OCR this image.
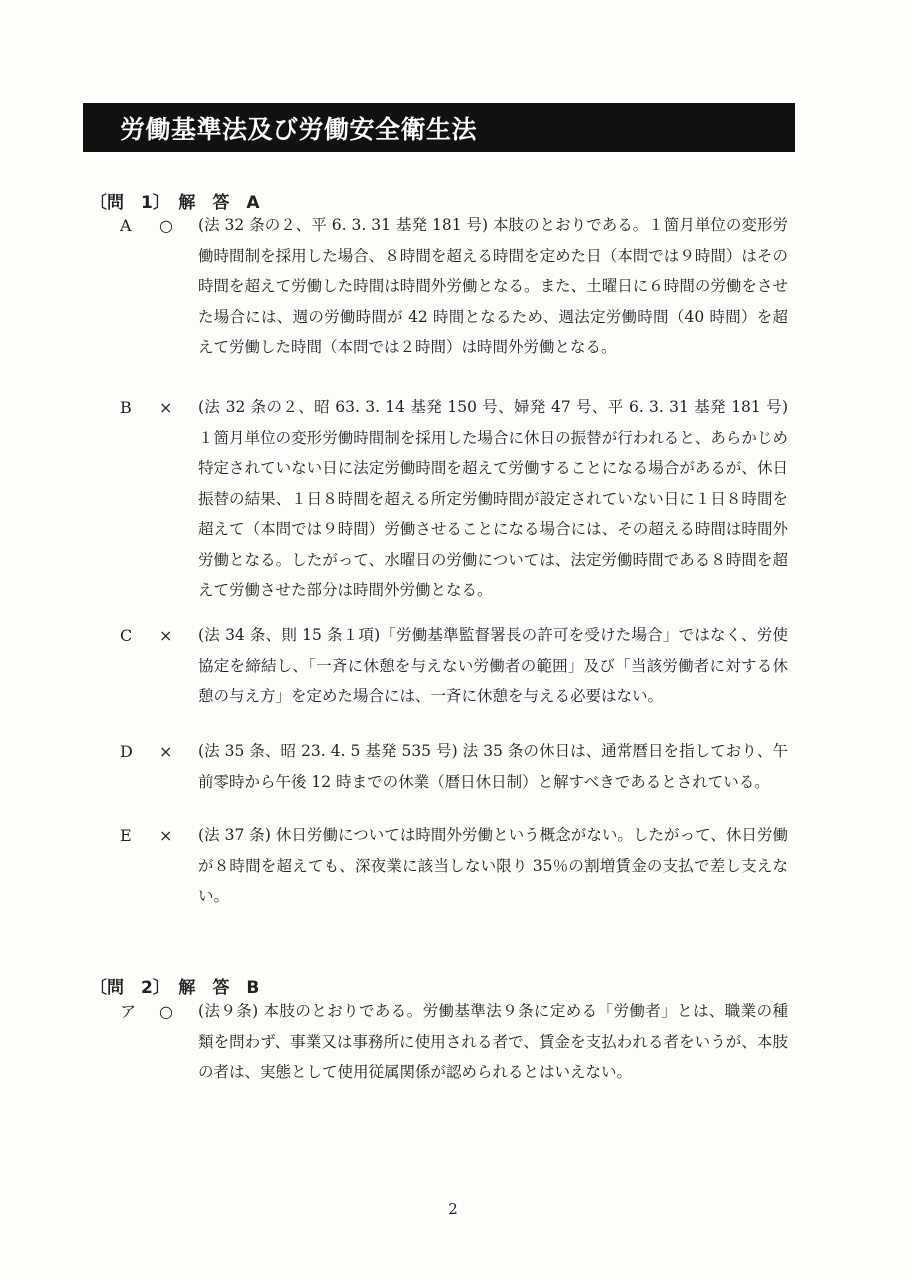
労働基準法及び労働安全衛生法
〔問　1〕　解　答　A
A	○	(法 32 条の２、平 6. 3. 31 基発 181 号) 本肢のとおりである。１箇月単位の変形労働時間制を採用した場合、８時間を超える時間を定めた日（本問では９時間）はその時間を超えて労働した時間は時間外労働となる。また、土曜日に６時間の労働をさせた場合には、週の労働時間が 42 時間となるため、週法定労働時間（40 時間）を超えて労働した時間（本問では２時間）は時間外労働となる。
B	×	(法 32 条の２、昭 63. 3. 14 基発 150 号、婦発 47 号、平 6. 3. 31 基発 181 号) １箇月単位の変形労働時間制を採用した場合に休日の振替が行われると、あらかじめ特定されていない日に法定労働時間を超えて労働することになる場合があるが、休日振替の結果、１日８時間を超える所定労働時間が設定されていない日に１日８時間を超えて（本問では９時間）労働させることになる場合には、その超える時間は時間外労働となる。したがって、水曜日の労働については、法定労働時間である８時間を超えて労働させた部分は時間外労働となる。
C	×	(法 34 条、則 15 条１項)「労働基準監督署長の許可を受けた場合」ではなく、労使協定を締結し、「一斉に休憩を与えない労働者の範囲」及び「当該労働者に対する休憩の与え方」を定めた場合には、一斉に休憩を与える必要はない。
D	×	(法 35 条、昭 23. 4. 5 基発 535 号) 法 35 条の休日は、通常暦日を指しており、午前零時から午後 12 時までの休業（暦日休日制）と解すべきであるとされている。
E	×	(法 37 条) 休日労働については時間外労働という概念がない。したがって、休日労働が８時間を超えても、深夜業に該当しない限り 35％の割増賃金の支払で差し支えない。
〔問　2〕　解　答　B
ア	○	(法９条) 本肢のとおりである。労働基準法９条に定める「労働者」とは、職業の種類を問わず、事業又は事務所に使用される者で、賃金を支払われる者をいうが、本肢の者は、実態として使用従属関係が認められるとはいえない。
2
